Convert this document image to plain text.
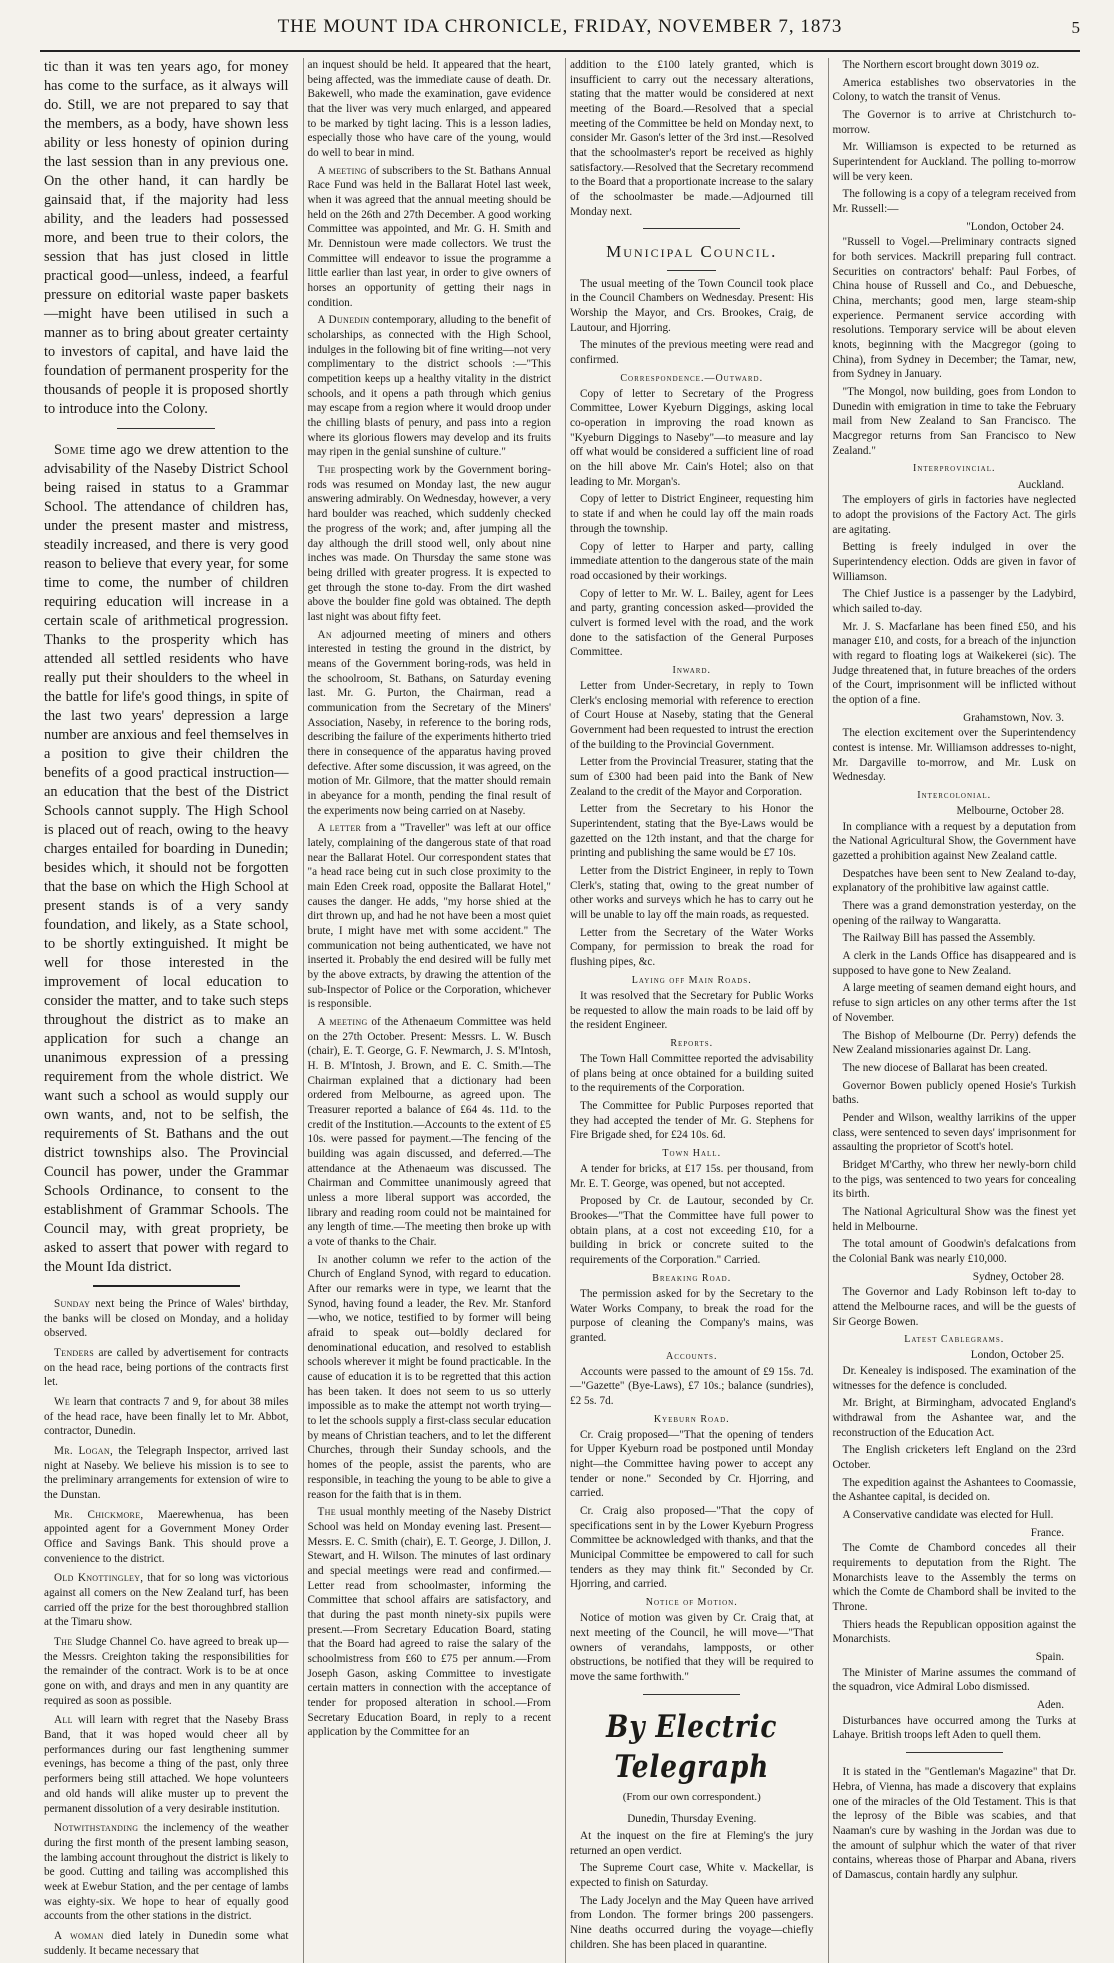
THE MOUNT IDA CHRONICLE, FRIDAY, NOVEMBER 7, 1873	5

tic than it was ten years ago, for money has come to the surface, as it always will do. Still, we are not prepared to say that the members, as a body, have shown less ability or less honesty of opinion during the last session than in any previous one. On the other hand, it can hardly be gainsaid that, if the majority had less ability, and the leaders had possessed more, and been true to their colors, the session that has just closed in little practical good—unless, indeed, a fearful pressure on editorial waste paper baskets—might have been utilised in such a manner as to bring about greater certainty to investors of capital, and have laid the foundation of permanent prosperity for the thousands of people it is proposed shortly to introduce into the Colony.

Some time ago we drew attention to the advisability of the Naseby District School being raised in status to a Grammar School. The attendance of children has, under the present master and mistress, steadily increased, and there is very good reason to believe that every year, for some time to come, the number of children requiring education will increase in a certain scale of arithmetical progression. Thanks to the prosperity which has attended all settled residents who have really put their shoulders to the wheel in the battle for life's good things, in spite of the last two years' depression a large number are anxious and feel themselves in a position to give their children the benefits of a good practical instruction—an education that the best of the District Schools cannot supply. The High School is placed out of reach, owing to the heavy charges entailed for boarding in Dunedin; besides which, it should not be forgotten that the base on which the High School at present stands is of a very sandy foundation, and likely, as a State school, to be shortly extinguished. It might be well for those interested in the improvement of local education to consider the matter, and to take such steps throughout the district as to make an application for such a change an unanimous expression of a pressing requirement from the whole district. We want such a school as would supply our own wants, and, not to be selfish, the requirements of St. Bathans and the out district townships also. The Provincial Council has power, under the Grammar Schools Ordinance, to consent to the establishment of Grammar Schools. The Council may, with great propriety, be asked to assert that power with regard to the Mount Ida district.

Sunday next being the Prince of Wales' birthday, the banks will be closed on Monday, and a holiday observed.

Tenders are called by advertisement for contracts on the head race, being portions of the contracts first let.

We learn that contracts 7 and 9, for about 38 miles of the head race, have been finally let to Mr. Abbot, contractor, Dunedin.

Mr. Logan, the Telegraph Inspector, arrived last night at Naseby. We believe his mission is to see to the preliminary arrangements for extension of wire to the Dunstan.

Mr. Chickmore, Maerewhenua, has been appointed agent for a Government Money Order Office and Savings Bank. This should prove a convenience to the district.

Old Knottingley, that for so long was victorious against all comers on the New Zealand turf, has been carried off the prize for the best thoroughbred stallion at the Timaru show.

The Sludge Channel Co. have agreed to break up—the Messrs. Creighton taking the responsibilities for the remainder of the contract. Work is to be at once gone on with, and drays and men in any quantity are required as soon as possible.

All will learn with regret that the Naseby Brass Band, that it was hoped would cheer all by performances during our fast lengthening summer evenings, has become a thing of the past, only three performers being still attached. We hope volunteers and old hands will alike muster up to prevent the permanent dissolution of a very desirable institution.

Notwithstanding the inclemency of the weather during the first month of the present lambing season, the lambing account throughout the district is likely to be good. Cutting and tailing was accomplished this week at Ewebur Station, and the per centage of lambs was eighty-six. We hope to hear of equally good accounts from the other stations in the district.

A woman died lately in Dunedin some what suddenly. It became necessary that

an inquest should be held. It appeared that the heart, being affected, was the immediate cause of death. Dr. Bakewell, who made the examination, gave evidence that the liver was very much enlarged, and appeared to be marked by tight lacing. This is a lesson ladies, especially those who have care of the young, would do well to bear in mind.

A meeting of subscribers to the St. Bathans Annual Race Fund was held in the Ballarat Hotel last week, when it was agreed that the annual meeting should be held on the 26th and 27th December. A good working Committee was appointed, and Mr. G. H. Smith and Mr. Dennistoun were made collectors. We trust the Committee will endeavor to issue the programme a little earlier than last year, in order to give owners of horses an opportunity of getting their nags in condition.

A Dunedin contemporary, alluding to the benefit of scholarships, as connected with the High School, indulges in the following bit of fine writing—not very complimentary to the district schools :—"This competition keeps up a healthy vitality in the district schools, and it opens a path through which genius may escape from a region where it would droop under the chilling blasts of penury, and pass into a region where its glorious flowers may develop and its fruits may ripen in the genial sunshine of culture."

The prospecting work by the Government boring-rods was resumed on Monday last, the new augur answering admirably. On Wednesday, however, a very hard boulder was reached, which suddenly checked the progress of the work; and, after jumping all the day although the drill stood well, only about nine inches was made. On Thursday the same stone was being drilled with greater progress. It is expected to get through the stone to-day. From the dirt washed above the boulder fine gold was obtained. The depth last night was about fifty feet.

An adjourned meeting of miners and others interested in testing the ground in the district, by means of the Government boring-rods, was held in the schoolroom, St. Bathans, on Saturday evening last. Mr. G. Purton, the Chairman, read a communication from the Secretary of the Miners' Association, Naseby, in reference to the boring rods, describing the failure of the experiments hitherto tried there in consequence of the apparatus having proved defective. After some discussion, it was agreed, on the motion of Mr. Gilmore, that the matter should remain in abeyance for a month, pending the final result of the experiments now being carried on at Naseby.

A letter from a "Traveller" was left at our office lately, complaining of the dangerous state of that road near the Ballarat Hotel. Our correspondent states that "a head race being cut in such close proximity to the main Eden Creek road, opposite the Ballarat Hotel," causes the danger. He adds, "my horse shied at the dirt thrown up, and had he not have been a most quiet brute, I might have met with some accident." The communication not being authenticated, we have not inserted it. Probably the end desired will be fully met by the above extracts, by drawing the attention of the sub-Inspector of Police or the Corporation, whichever is responsible.

A meeting of the Athenaeum Committee was held on the 27th October. Present: Messrs. L. W. Busch (chair), E. T. George, G. F. Newmarch, J. S. M'Intosh, H. B. M'Intosh, J. Brown, and E. C. Smith.—The Chairman explained that a dictionary had been ordered from Melbourne, as agreed upon. The Treasurer reported a balance of £64 4s. 11d. to the credit of the Institution.—Accounts to the extent of £5 10s. were passed for payment.—The fencing of the building was again discussed, and deferred.—The attendance at the Athenaeum was discussed. The Chairman and Committee unanimously agreed that unless a more liberal support was accorded, the library and reading room could not be maintained for any length of time.—The meeting then broke up with a vote of thanks to the Chair.

In another column we refer to the action of the Church of England Synod, with regard to education. After our remarks were in type, we learnt that the Synod, having found a leader, the Rev. Mr. Stanford—who, we notice, testified to by former will being afraid to speak out—boldly declared for denominational education, and resolved to establish schools wherever it might be found practicable. In the cause of education it is to be regretted that this action has been taken. It does not seem to us so utterly impossible as to make the attempt not worth trying—to let the schools supply a first-class secular education by means of Christian teachers, and to let the different Churches, through their Sunday schools, and the homes of the people, assist the parents, who are responsible, in teaching the young to be able to give a reason for the faith that is in them.

The usual monthly meeting of the Naseby District School was held on Monday evening last. Present—Messrs. E. C. Smith (chair), E. T. George, J. Dillon, J. Stewart, and H. Wilson. The minutes of last ordinary and special meetings were read and confirmed.—Letter read from schoolmaster, informing the Committee that school affairs are satisfactory, and that during the past month ninety-six pupils were present.—From Secretary Education Board, stating that the Board had agreed to raise the salary of the schoolmistress from £60 to £75 per annum.—From Joseph Gason, asking Committee to investigate certain matters in connection with the acceptance of tender for proposed alteration in school.—From Secretary Education Board, in reply to a recent application by the Committee for an

addition to the £100 lately granted, which is insufficient to carry out the necessary alterations, stating that the matter would be considered at next meeting of the Board.—Resolved that a special meeting of the Committee be held on Monday next, to consider Mr. Gason's letter of the 3rd inst.—Resolved that the schoolmaster's report be received as highly satisfactory.—Resolved that the Secretary recommend to the Board that a proportionate increase to the salary of the schoolmaster be made.—Adjourned till Monday next.

Municipal Council.

The usual meeting of the Town Council took place in the Council Chambers on Wednesday. Present: His Worship the Mayor, and Crs. Brookes, Craig, de Lautour, and Hjorring.

The minutes of the previous meeting were read and confirmed.

Correspondence.—Outward.

Copy of letter to Secretary of the Progress Committee, Lower Kyeburn Diggings, asking local co-operation in improving the road known as "Kyeburn Diggings to Naseby"—to measure and lay off what would be considered a sufficient line of road on the hill above Mr. Cain's Hotel; also on that leading to Mr. Morgan's.

Copy of letter to District Engineer, requesting him to state if and when he could lay off the main roads through the township.

Copy of letter to Harper and party, calling immediate attention to the dangerous state of the main road occasioned by their workings.

Copy of letter to Mr. W. L. Bailey, agent for Lees and party, granting concession asked—provided the culvert is formed level with the road, and the work done to the satisfaction of the General Purposes Committee.

Inward.

Letter from Under-Secretary, in reply to Town Clerk's enclosing memorial with reference to erection of Court House at Naseby, stating that the General Government had been requested to intrust the erection of the building to the Provincial Government.

Letter from the Provincial Treasurer, stating that the sum of £300 had been paid into the Bank of New Zealand to the credit of the Mayor and Corporation.

Letter from the Secretary to his Honor the Superintendent, stating that the Bye-Laws would be gazetted on the 12th instant, and that the charge for printing and publishing the same would be £7 10s.

Letter from the District Engineer, in reply to Town Clerk's, stating that, owing to the great number of other works and surveys which he has to carry out he will be unable to lay off the main roads, as requested.

Letter from the Secretary of the Water Works Company, for permission to break the road for flushing pipes, &c.

Laying off Main Roads.

It was resolved that the Secretary for Public Works be requested to allow the main roads to be laid off by the resident Engineer.

Reports.

The Town Hall Committee reported the advisability of plans being at once obtained for a building suited to the requirements of the Corporation.

The Committee for Public Purposes reported that they had accepted the tender of Mr. G. Stephens for Fire Brigade shed, for £24 10s. 6d.

Town Hall.

A tender for bricks, at £17 15s. per thousand, from Mr. E. T. George, was opened, but not accepted.

Proposed by Cr. de Lautour, seconded by Cr. Brookes—"That the Committee have full power to obtain plans, at a cost not exceeding £10, for a building in brick or concrete suited to the requirements of the Corporation." Carried.

Breaking Road.

The permission asked for by the Secretary to the Water Works Company, to break the road for the purpose of cleaning the Company's mains, was granted.

Accounts.

Accounts were passed to the amount of £9 15s. 7d.—"Gazette" (Bye-Laws), £7 10s.; balance (sundries), £2 5s. 7d.

Kyeburn Road.

Cr. Craig proposed—"That the opening of tenders for Upper Kyeburn road be postponed until Monday night—the Committee having power to accept any tender or none." Seconded by Cr. Hjorring, and carried.

Cr. Craig also proposed—"That the copy of specifications sent in by the Lower Kyeburn Progress Committee be acknowledged with thanks, and that the Municipal Committee be empowered to call for such tenders as they may think fit." Seconded by Cr. Hjorring, and carried.

Notice of Motion.

Notice of motion was given by Cr. Craig that, at next meeting of the Council, he will move—"That owners of verandahs, lampposts, or other obstructions, be notified that they will be required to move the same forthwith."

By Electric Telegraph
(From our own correspondent.)
Dunedin, Thursday Evening.

At the inquest on the fire at Fleming's the jury returned an open verdict.

The Supreme Court case, White v. Mackellar, is expected to finish on Saturday.

The Lady Jocelyn and the May Queen have arrived from London. The former brings 200 passengers. Nine deaths occurred during the voyage—chiefly children. She has been placed in quarantine.

The Northern escort brought down 3019 oz.

America establishes two observatories in the Colony, to watch the transit of Venus.

The Governor is to arrive at Christchurch to-morrow.

Mr. Williamson is expected to be returned as Superintendent for Auckland. The polling to-morrow will be very keen.

The following is a copy of a telegram received from Mr. Russell:—

"London, October 24.

"Russell to Vogel.—Preliminary contracts signed for both services. Mackrill preparing full contract. Securities on contractors' behalf: Paul Forbes, of China house of Russell and Co., and Debuesche, China, merchants; good men, large steam-ship experience. Permanent service according with resolutions. Temporary service will be about eleven knots, beginning with the Macgregor (going to China), from Sydney in December; the Tamar, new, from Sydney in January.

"The Mongol, now building, goes from London to Dunedin with emigration in time to take the February mail from New Zealand to San Francisco. The Macgregor returns from San Francisco to New Zealand."

Interprovincial.
Auckland.

The employers of girls in factories have neglected to adopt the provisions of the Factory Act. The girls are agitating.

Betting is freely indulged in over the Superintendency election. Odds are given in favor of Williamson.

The Chief Justice is a passenger by the Ladybird, which sailed to-day.

Mr. J. S. Macfarlane has been fined £50, and his manager £10, and costs, for a breach of the injunction with regard to floating logs at Waikekerei (sic). The Judge threatened that, in future breaches of the orders of the Court, imprisonment will be inflicted without the option of a fine.

Grahamstown, Nov. 3.

The election excitement over the Superintendency contest is intense. Mr. Williamson addresses to-night, Mr. Dargaville to-morrow, and Mr. Lusk on Wednesday.

Intercolonial.
Melbourne, October 28.

In compliance with a request by a deputation from the National Agricultural Show, the Government have gazetted a prohibition against New Zealand cattle.

Despatches have been sent to New Zealand to-day, explanatory of the prohibitive law against cattle.

There was a grand demonstration yesterday, on the opening of the railway to Wangaratta.

The Railway Bill has passed the Assembly.

A clerk in the Lands Office has disappeared and is supposed to have gone to New Zealand.

A large meeting of seamen demand eight hours, and refuse to sign articles on any other terms after the 1st of November.

The Bishop of Melbourne (Dr. Perry) defends the New Zealand missionaries against Dr. Lang.

The new diocese of Ballarat has been created.

Governor Bowen publicly opened Hosie's Turkish baths.

Pender and Wilson, wealthy larrikins of the upper class, were sentenced to seven days' imprisonment for assaulting the proprietor of Scott's hotel.

Bridget M'Carthy, who threw her newly-born child to the pigs, was sentenced to two years for concealing its birth.

The National Agricultural Show was the finest yet held in Melbourne.

The total amount of Goodwin's defalcations from the Colonial Bank was nearly £10,000.

Sydney, October 28.

The Governor and Lady Robinson left to-day to attend the Melbourne races, and will be the guests of Sir George Bowen.

Latest Cablegrams.
London, October 25.

Dr. Kenealey is indisposed. The examination of the witnesses for the defence is concluded.

Mr. Bright, at Birmingham, advocated England's withdrawal from the Ashantee war, and the reconstruction of the Education Act.

The English cricketers left England on the 23rd October.

The expedition against the Ashantees to Coomassie, the Ashantee capital, is decided on.

A Conservative candidate was elected for Hull.

France.

The Comte de Chambord concedes all their requirements to deputation from the Right. The Monarchists leave to the Assembly the terms on which the Comte de Chambord shall be invited to the Throne.

Thiers heads the Republican opposition against the Monarchists.

Spain.

The Minister of Marine assumes the command of the squadron, vice Admiral Lobo dismissed.

Aden.

Disturbances have occurred among the Turks at Lahaye. British troops left Aden to quell them.

It is stated in the "Gentleman's Magazine" that Dr. Hebra, of Vienna, has made a discovery that explains one of the miracles of the Old Testament. This is that the leprosy of the Bible was scabies, and that Naaman's cure by washing in the Jordan was due to the amount of sulphur which the water of that river contains, whereas those of Pharpar and Abana, rivers of Damascus, contain hardly any sulphur.
